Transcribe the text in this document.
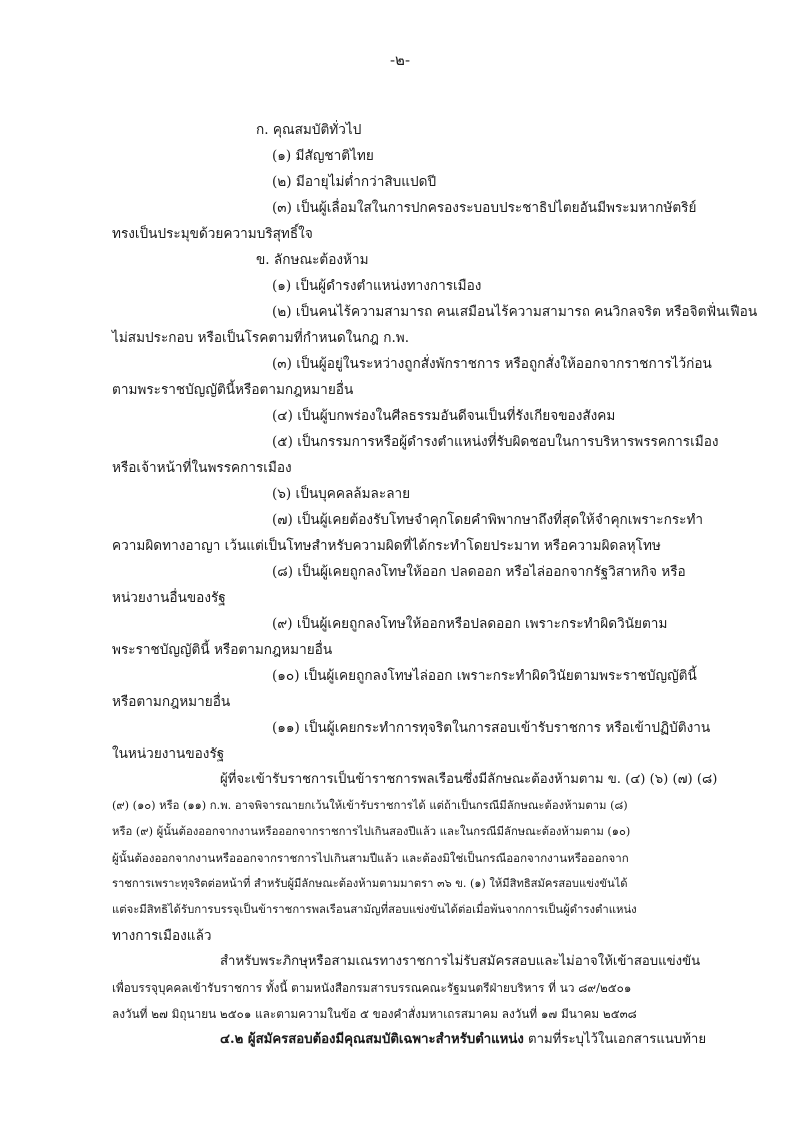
-๒-
ก. คุณสมบัติทั่วไป
(๑) มีสัญชาติไทย
(๒) มีอายุไม่ต่ำกว่าสิบแปดปี
(๓) เป็นผู้เลื่อมใสในการปกครองระบอบประชาธิปไตยอันมีพระมหากษัตริย์
ทรงเป็นประมุขด้วยความบริสุทธิ์ใจ
ข. ลักษณะต้องห้าม
(๑) เป็นผู้ดำรงตำแหน่งทางการเมือง
(๒) เป็นคนไร้ความสามารถ คนเสมือนไร้ความสามารถ คนวิกลจริต หรือจิตฟั่นเฟือน
ไม่สมประกอบ หรือเป็นโรคตามที่กำหนดในกฎ ก.พ.
(๓) เป็นผู้อยู่ในระหว่างถูกสั่งพักราชการ หรือถูกสั่งให้ออกจากราชการไว้ก่อน
ตามพระราชบัญญัตินี้หรือตามกฎหมายอื่น
(๔) เป็นผู้บกพร่องในศีลธรรมอันดีจนเป็นที่รังเกียจของสังคม
(๕) เป็นกรรมการหรือผู้ดำรงตำแหน่งที่รับผิดชอบในการบริหารพรรคการเมือง
หรือเจ้าหน้าที่ในพรรคการเมือง
(๖) เป็นบุคคลล้มละลาย
(๗) เป็นผู้เคยต้องรับโทษจำคุกโดยคำพิพากษาถึงที่สุดให้จำคุกเพราะกระทำ
ความผิดทางอาญา เว้นแต่เป็นโทษสำหรับความผิดที่ได้กระทำโดยประมาท หรือความผิดลหุโทษ
(๘) เป็นผู้เคยถูกลงโทษให้ออก ปลดออก หรือไล่ออกจากรัฐวิสาหกิจ หรือ
หน่วยงานอื่นของรัฐ
(๙) เป็นผู้เคยถูกลงโทษให้ออกหรือปลดออก เพราะกระทำผิดวินัยตาม
พระราชบัญญัตินี้ หรือตามกฎหมายอื่น
(๑๐) เป็นผู้เคยถูกลงโทษไล่ออก เพราะกระทำผิดวินัยตามพระราชบัญญัตินี้
หรือตามกฎหมายอื่น
(๑๑) เป็นผู้เคยกระทำการทุจริตในการสอบเข้ารับราชการ หรือเข้าปฏิบัติงาน
ในหน่วยงานของรัฐ
ผู้ที่จะเข้ารับราชการเป็นข้าราชการพลเรือนซึ่งมีลักษณะต้องห้ามตาม ข. (๔) (๖) (๗) (๘)
(๙) (๑๐) หรือ (๑๑) ก.พ. อาจพิจารณายกเว้นให้เข้ารับราชการได้ แต่ถ้าเป็นกรณีมีลักษณะต้องห้ามตาม (๘)
หรือ (๙) ผู้นั้นต้องออกจากงานหรือออกจากราชการไปเกินสองปีแล้ว และในกรณีมีลักษณะต้องห้ามตาม (๑๐)
ผู้นั้นต้องออกจากงานหรือออกจากราชการไปเกินสามปีแล้ว และต้องมิใช่เป็นกรณีออกจากงานหรือออกจาก
ราชการเพราะทุจริตต่อหน้าที่ สำหรับผู้มีลักษณะต้องห้ามตามมาตรา ๓๖ ข. (๑) ให้มีสิทธิสมัครสอบแข่งขันได้
แต่จะมีสิทธิได้รับการบรรจุเป็นข้าราชการพลเรือนสามัญที่สอบแข่งขันได้ต่อเมื่อพ้นจากการเป็นผู้ดำรงตำแหน่ง
ทางการเมืองแล้ว
สำหรับพระภิกษุหรือสามเณรทางราชการไม่รับสมัครสอบและไม่อาจให้เข้าสอบแข่งขัน
เพื่อบรรจุบุคคลเข้ารับราชการ ทั้งนี้ ตามหนังสือกรมสารบรรณคณะรัฐมนตรีฝ่ายบริหาร ที่ นว ๘๙/๒๕๐๑
ลงวันที่ ๒๗ มิถุนายน ๒๕๐๑ และตามความในข้อ ๕ ของคำสั่งมหาเถรสมาคม ลงวันที่ ๑๗ มีนาคม ๒๕๓๘
๔.๒ ผู้สมัครสอบต้องมีคุณสมบัติเฉพาะสำหรับตำแหน่ง ตามที่ระบุไว้ในเอกสารแนบท้าย
